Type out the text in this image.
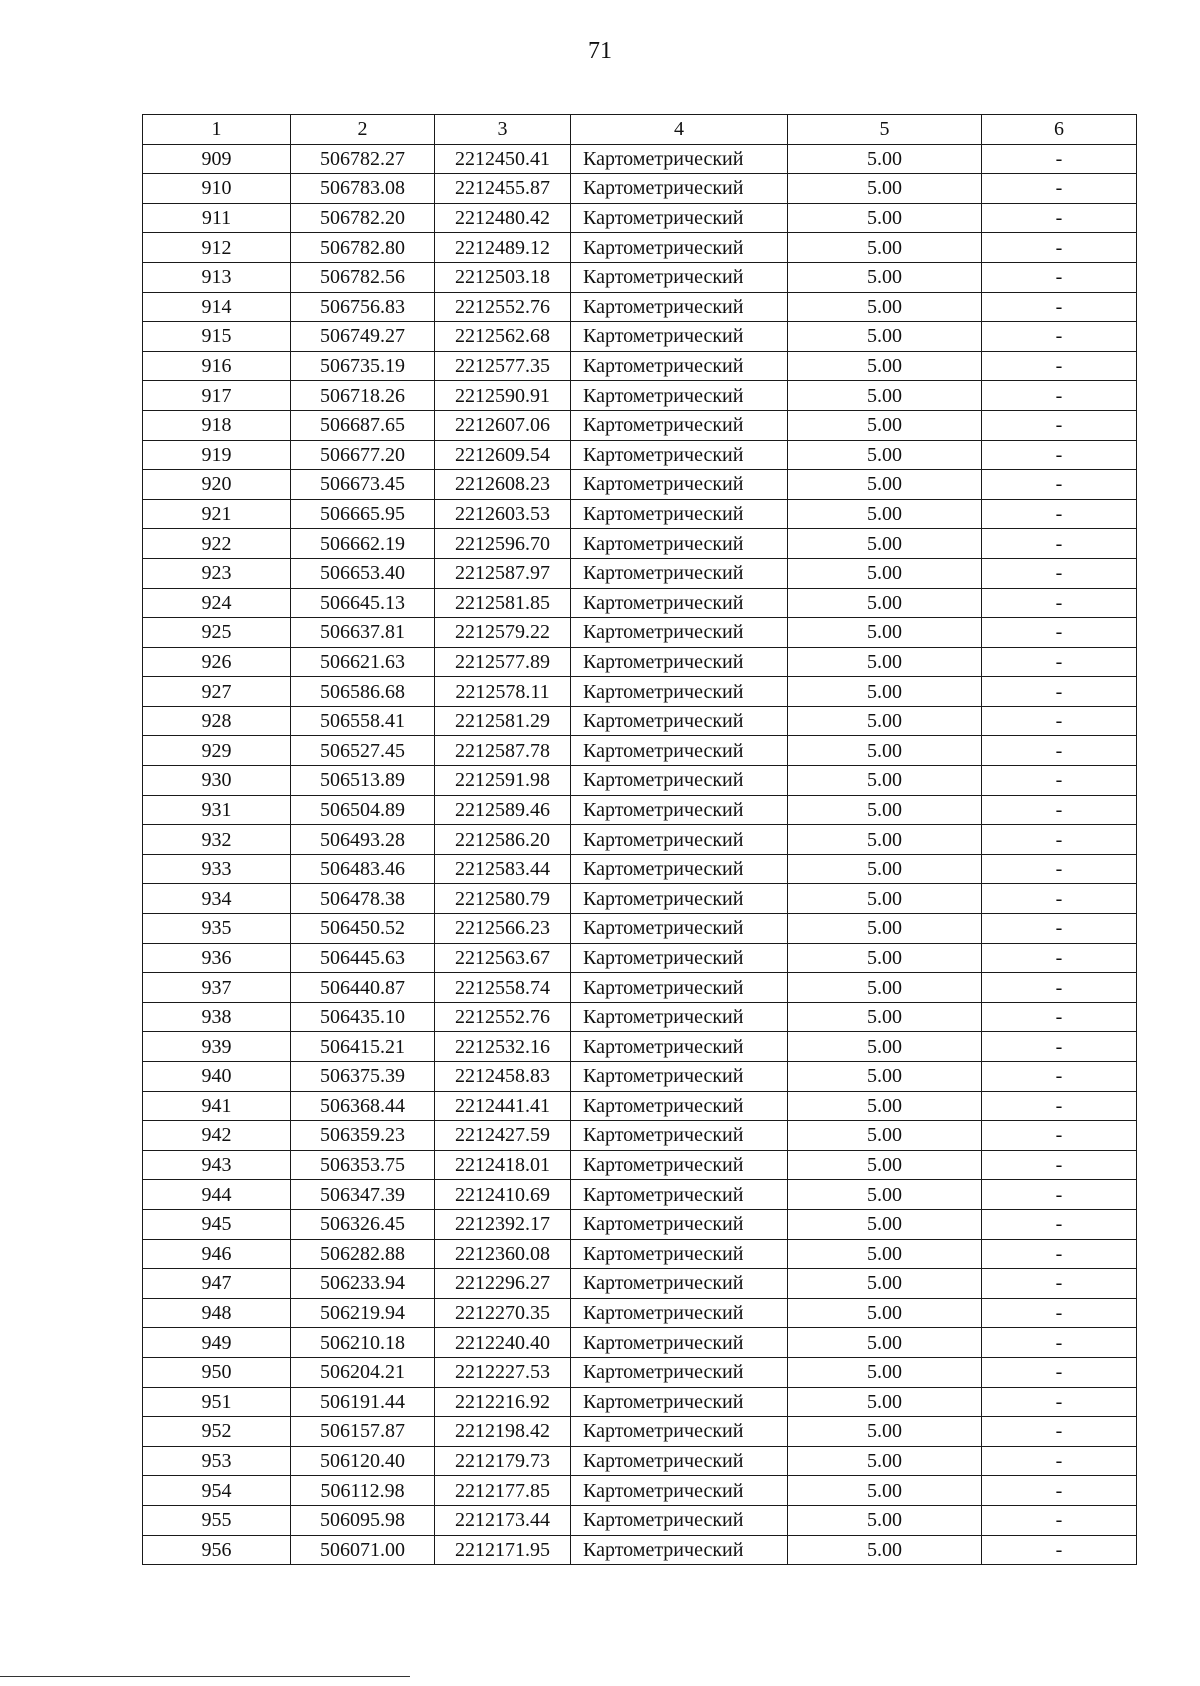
71
1	2	3	4	5	6
909	506782.27	2212450.41	Картометрический	5.00	-
910	506783.08	2212455.87	Картометрический	5.00	-
911	506782.20	2212480.42	Картометрический	5.00	-
912	506782.80	2212489.12	Картометрический	5.00	-
913	506782.56	2212503.18	Картометрический	5.00	-
914	506756.83	2212552.76	Картометрический	5.00	-
915	506749.27	2212562.68	Картометрический	5.00	-
916	506735.19	2212577.35	Картометрический	5.00	-
917	506718.26	2212590.91	Картометрический	5.00	-
918	506687.65	2212607.06	Картометрический	5.00	-
919	506677.20	2212609.54	Картометрический	5.00	-
920	506673.45	2212608.23	Картометрический	5.00	-
921	506665.95	2212603.53	Картометрический	5.00	-
922	506662.19	2212596.70	Картометрический	5.00	-
923	506653.40	2212587.97	Картометрический	5.00	-
924	506645.13	2212581.85	Картометрический	5.00	-
925	506637.81	2212579.22	Картометрический	5.00	-
926	506621.63	2212577.89	Картометрический	5.00	-
927	506586.68	2212578.11	Картометрический	5.00	-
928	506558.41	2212581.29	Картометрический	5.00	-
929	506527.45	2212587.78	Картометрический	5.00	-
930	506513.89	2212591.98	Картометрический	5.00	-
931	506504.89	2212589.46	Картометрический	5.00	-
932	506493.28	2212586.20	Картометрический	5.00	-
933	506483.46	2212583.44	Картометрический	5.00	-
934	506478.38	2212580.79	Картометрический	5.00	-
935	506450.52	2212566.23	Картометрический	5.00	-
936	506445.63	2212563.67	Картометрический	5.00	-
937	506440.87	2212558.74	Картометрический	5.00	-
938	506435.10	2212552.76	Картометрический	5.00	-
939	506415.21	2212532.16	Картометрический	5.00	-
940	506375.39	2212458.83	Картометрический	5.00	-
941	506368.44	2212441.41	Картометрический	5.00	-
942	506359.23	2212427.59	Картометрический	5.00	-
943	506353.75	2212418.01	Картометрический	5.00	-
944	506347.39	2212410.69	Картометрический	5.00	-
945	506326.45	2212392.17	Картометрический	5.00	-
946	506282.88	2212360.08	Картометрический	5.00	-
947	506233.94	2212296.27	Картометрический	5.00	-
948	506219.94	2212270.35	Картометрический	5.00	-
949	506210.18	2212240.40	Картометрический	5.00	-
950	506204.21	2212227.53	Картометрический	5.00	-
951	506191.44	2212216.92	Картометрический	5.00	-
952	506157.87	2212198.42	Картометрический	5.00	-
953	506120.40	2212179.73	Картометрический	5.00	-
954	506112.98	2212177.85	Картометрический	5.00	-
955	506095.98	2212173.44	Картометрический	5.00	-
956	506071.00	2212171.95	Картометрический	5.00	-
